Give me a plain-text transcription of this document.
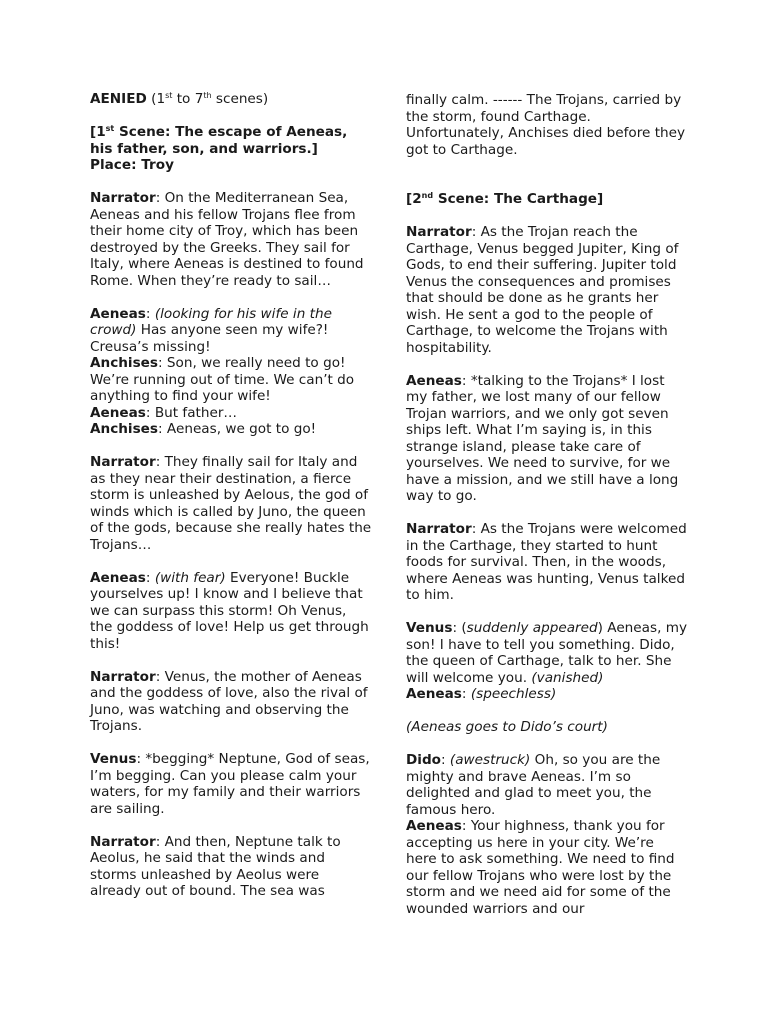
AENIED (1st to 7th scenes)

[1st Scene: The escape of Aeneas, his father, son, and warriors.]

Place: Troy

Narrator: On the Mediterranean Sea, Aeneas and his fellow Trojans flee from their home city of Troy, which has been destroyed by the Greeks. They sail for Italy, where Aeneas is destined to found Rome. When they’re ready to sail…

Aeneas: (looking for his wife in the crowd) Has anyone seen my wife?! Creusa’s missing!

Anchises: Son, we really need to go! We’re running out of time. We can’t do anything to find your wife!

Aeneas: But father…

Anchises: Aeneas, we got to go!

Narrator: They finally sail for Italy and as they near their destination, a fierce storm is unleashed by Aelous, the god of winds which is called by Juno, the queen of the gods, because she really hates the Trojans…

Aeneas: (with fear) Everyone! Buckle yourselves up! I know and I believe that we can surpass this storm! Oh Venus, the goddess of love! Help us get through this!

Narrator: Venus, the mother of Aeneas and the goddess of love, also the rival of Juno, was watching and observing the Trojans.

Venus: *begging* Neptune, God of seas, I’m begging. Can you please calm your waters, for my family and their warriors are sailing.

Narrator: And then, Neptune talk to Aeolus, he said that the winds and storms unleashed by Aeolus were already out of bound. The sea was

finally calm. ------ The Trojans, carried by the storm, found Carthage. Unfortunately, Anchises died before they got to Carthage.

[2nd Scene: The Carthage]

Narrator: As the Trojan reach the Carthage, Venus begged Jupiter, King of Gods, to end their suffering. Jupiter told Venus the consequences and promises that should be done as he grants her wish. He sent a god to the people of Carthage, to welcome the Trojans with hospitability.

Aeneas: *talking to the Trojans* I lost my father, we lost many of our fellow Trojan warriors, and we only got seven ships left. What I’m saying is, in this strange island, please take care of yourselves. We need to survive, for we have a mission, and we still have a long way to go.

Narrator: As the Trojans were welcomed in the Carthage, they started to hunt foods for survival. Then, in the woods, where Aeneas was hunting, Venus talked to him.

Venus: (suddenly appeared) Aeneas, my son! I have to tell you something. Dido, the queen of Carthage, talk to her. She will welcome you. (vanished)

Aeneas: (speechless)

(Aeneas goes to Dido’s court)

Dido: (awestruck) Oh, so you are the mighty and brave Aeneas. I’m so delighted and glad to meet you, the famous hero.

Aeneas: Your highness, thank you for accepting us here in your city. We’re here to ask something. We need to find our fellow Trojans who were lost by the storm and we need aid for some of the wounded warriors and our
